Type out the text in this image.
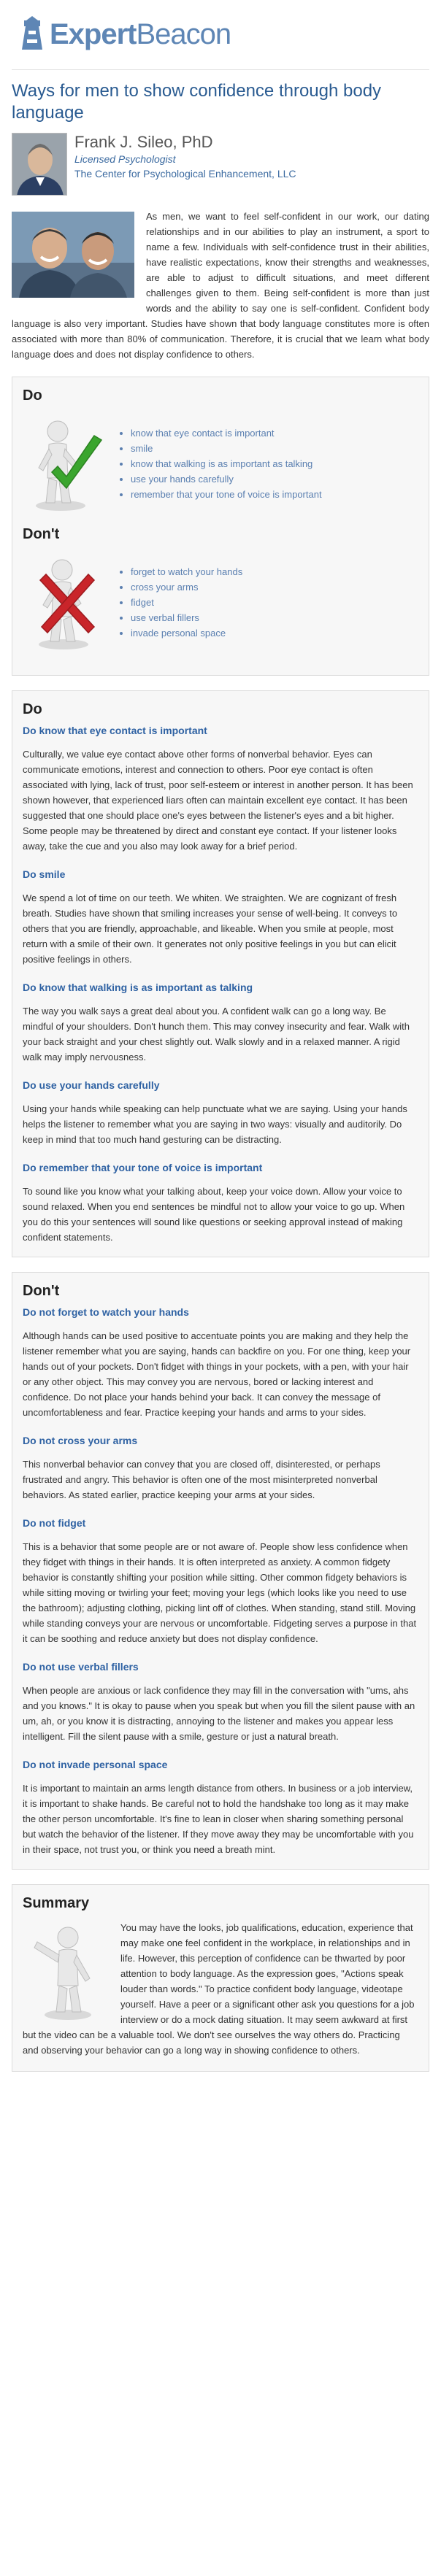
ExpertBeacon
Ways for men to show confidence through body language
Frank J. Sileo, PhD
Licensed Psychologist
The Center for Psychological Enhancement, LLC

As men, we want to feel self-confident in our work, our dating relationships and in our abilities to play an instrument, a sport to name a few. Individuals with self-confidence trust in their abilities, have realistic expectations, know their strengths and weaknesses, are able to adjust to difficult situations, and meet different challenges given to them. Being self-confident is more than just words and the ability to say one is self-confident. Confident body language is also very important. Studies have shown that body language constitutes more is often associated with more than 80% of communication. Therefore, it is crucial that we learn what body language does and does not display confidence to others.

Do
• know that eye contact is important
• smile
• know that walking is as important as talking
• use your hands carefully
• remember that your tone of voice is important
Don't
• forget to watch your hands
• cross your arms
• fidget
• use verbal fillers
• invade personal space
Do
Do know that eye contact is important

Culturally, we value eye contact above other forms of nonverbal behavior. Eyes can communicate emotions, interest and connection to others. Poor eye contact is often associated with lying, lack of trust, poor self-esteem or interest in another person. It has been shown however, that experienced liars often can maintain excellent eye contact. It has been suggested that one should place one's eyes between the listener's eyes and a bit higher. Some people may be threatened by direct and constant eye contact. If your listener looks away, take the cue and you also may look away for a brief period.

Do smile

We spend a lot of time on our teeth. We whiten. We straighten. We are cognizant of fresh breath. Studies have shown that smiling increases your sense of well-being. It conveys to others that you are friendly, approachable, and likeable. When you smile at people, most return with a smile of their own. It generates not only positive feelings in you but can elicit positive feelings in others.

Do know that walking is as important as talking

The way you walk says a great deal about you. A confident walk can go a long way. Be mindful of your shoulders. Don't hunch them. This may convey insecurity and fear. Walk with your back straight and your chest slightly out. Walk slowly and in a relaxed manner. A rigid walk may imply nervousness.

Do use your hands carefully

Using your hands while speaking can help punctuate what we are saying. Using your hands helps the listener to remember what you are saying in two ways: visually and auditorily. Do keep in mind that too much hand gesturing can be distracting.

Do remember that your tone of voice is important

To sound like you know what your talking about, keep your voice down. Allow your voice to sound relaxed. When you end sentences be mindful not to allow your voice to go up. When you do this your sentences will sound like questions or seeking approval instead of making confident statements.

Don't
Do not forget to watch your hands

Although hands can be used positive to accentuate points you are making and they help the listener remember what you are saying, hands can backfire on you. For one thing, keep your hands out of your pockets. Don't fidget with things in your pockets, with a pen, with your hair or any other object. This may convey you are nervous, bored or lacking interest and confidence. Do not place your hands behind your back. It can convey the message of uncomfortableness and fear. Practice keeping your hands and arms to your sides.

Do not cross your arms

This nonverbal behavior can convey that you are closed off, disinterested, or perhaps frustrated and angry. This behavior is often one of the most misinterpreted nonverbal behaviors. As stated earlier, practice keeping your arms at your sides.

Do not fidget

This is a behavior that some people are or not aware of. People show less confidence when they fidget with things in their hands. It is often interpreted as anxiety. A common fidgety behavior is constantly shifting your position while sitting. Other common fidgety behaviors is while sitting moving or twirling your feet; moving your legs (which looks like you need to use the bathroom); adjusting clothing, picking lint off of clothes. When standing, stand still. Moving while standing conveys your are nervous or uncomfortable. Fidgeting serves a purpose in that it can be soothing and reduce anxiety but does not display confidence.

Do not use verbal fillers

When people are anxious or lack confidence they may fill in the conversation with "ums, ahs and you knows." It is okay to pause when you speak but when you fill the silent pause with an um, ah, or you know it is distracting, annoying to the listener and makes you appear less intelligent. Fill the silent pause with a smile, gesture or just a natural breath.

Do not invade personal space

It is important to maintain an arms length distance from others. In business or a job interview, it is important to shake hands. Be careful not to hold the handshake too long as it may make the other person uncomfortable. It's fine to lean in closer when sharing something personal but watch the behavior of the listener. If they move away they may be uncomfortable with you in their space, not trust you, or think you need a breath mint.

Summary

You may have the looks, job qualifications, education, experience that may make one feel confident in the workplace, in relationships and in life. However, this perception of confidence can be thwarted by poor attention to body language. As the expression goes, "Actions speak louder than words." To practice confident body language, videotape yourself. Have a peer or a significant other ask you questions for a job interview or do a mock dating situation. It may seem awkward at first but the video can be a valuable tool. We don't see ourselves the way others do. Practicing and observing your behavior can go a long way in showing confidence to others.
